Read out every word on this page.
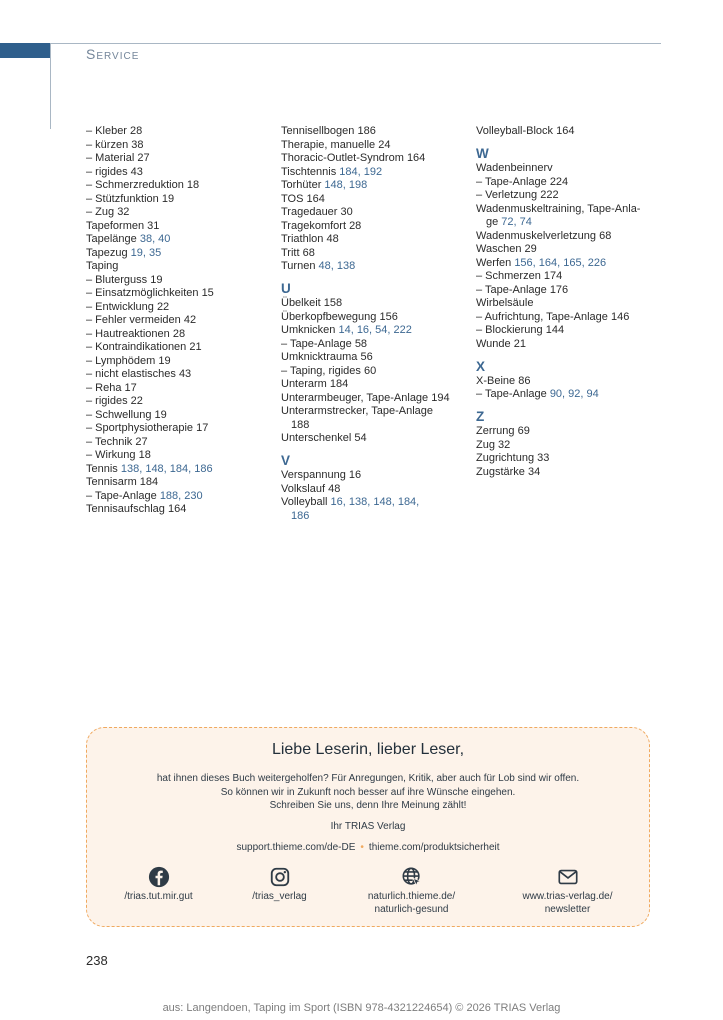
Service
– Kleber 28
– kürzen 38
– Material 27
– rigides 43
– Schmerzreduktion 18
– Stützfunktion 19
– Zug 32
Tapeformen 31
Tapelänge 38, 40
Tapezug 19, 35
Taping
– Bluterguss 19
– Einsatzmöglichkeiten 15
– Entwicklung 22
– Fehler vermeiden 42
– Hautreaktionen 28
– Kontraindikationen 21
– Lymphödem 19
– nicht elastisches 43
– Reha 17
– rigides 22
– Schwellung 19
– Sportphysiotherapie 17
– Technik 27
– Wirkung 18
Tennis 138, 148, 184, 186
Tennisarm 184
– Tape-Anlage 188, 230
Tennisaufschlag 164
Tennisellbogen 186
Therapie, manuelle 24
Thoracic-Outlet-Syndrom 164
Tischtennis 184, 192
Torhüter 148, 198
TOS 164
Tragedauer 30
Tragekomfort 28
Triathlon 48
Tritt 68
Turnen 48, 138
U
Übelkeit 158
Überkopfbewegung 156
Umknicken 14, 16, 54, 222
– Tape-Anlage 58
Umknicktrauma 56
– Taping, rigides 60
Unterarm 184
Unterarmbeuger, Tape-Anlage 194
Unterarmstrecker, Tape-Anlage
188
Unterschenkel 54
V
Verspannung 16
Volkslauf 48
Volleyball 16, 138, 148, 184,
186
Volleyball-Block 164
W
Wadenbeinnerv
– Tape-Anlage 224
– Verletzung 222
Wadenmuskeltraining, Tape-Anla-
ge 72, 74
Wadenmuskelverletzung 68
Waschen 29
Werfen 156, 164, 165, 226
– Schmerzen 174
– Tape-Anlage 176
Wirbelsäule
– Aufrichtung, Tape-Anlage 146
– Blockierung 144
Wunde 21
X
X-Beine 86
– Tape-Anlage 90, 92, 94
Z
Zerrung 69
Zug 32
Zugrichtung 33
Zugstärke 34
Liebe Leserin, lieber Leser,
hat ihnen dieses Buch weitergeholfen? Für Anregungen, Kritik, aber auch für Lob sind wir offen.
So können wir in Zukunft noch besser auf ihre Wünsche eingehen.
Schreiben Sie uns, denn Ihre Meinung zählt!
Ihr TRIAS Verlag
support.thieme.com/de-DE • thieme.com/produktsicherheit
/trias.tut.mir.gut	/trias_verlag	naturlich.thieme.de/
naturlich-gesund
www.trias-verlag.de/
newsletter
238
aus: Langendoen, Taping im Sport (ISBN 978-4321224654) © 2026 TRIAS Verlag
